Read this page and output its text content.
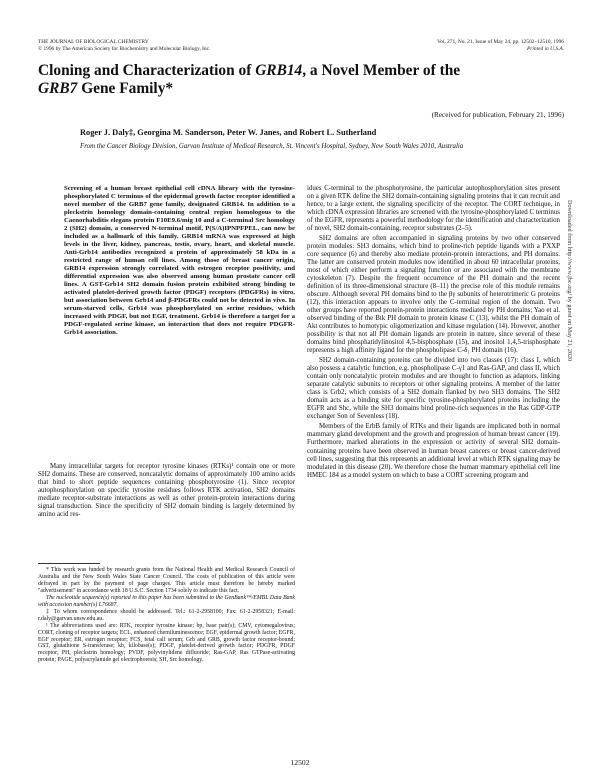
THE JOURNAL OF BIOLOGICAL CHEMISTRY
© 1996 by The American Society for Biochemistry and Molecular Biology, Inc.
Vol. 271, No. 21, Issue of May 24, pp. 12502–12510, 1996
Printed in U.S.A.
Cloning and Characterization of GRB14, a Novel Member of the
GRB7 Gene Family*
(Received for publication, February 21, 1996)
Roger J. Daly‡, Georgina M. Sanderson, Peter W. Janes, and Robert L. Sutherland
From the Cancer Biology Division, Garvan Institute of Medical Research, St. Vincent's Hospital, Sydney, New South Wales 2010, Australia
Screening of a human breast epithelial cell cDNA library with the tyrosine-phosphorylated C terminus of the epidermal growth factor receptor identified a novel member of the GRB7 gene family, designated GRB14. In addition to a pleckstrin homology domain-containing central region homologous to the Caenorhabditis elegans protein F10E9.6/mig 10 and a C-terminal Src homology 2 (SH2) domain, a conserved N-terminal motif, P(S/A)IPNPFPEL, can now be included as a hallmark of this family. GRB14 mRNA was expressed at high levels in the liver, kidney, pancreas, testis, ovary, heart, and skeletal muscle. Anti-Grb14 antibodies recognized a protein of approximately 58 kDa in a restricted range of human cell lines. Among those of breast cancer origin, GRB14 expression strongly correlated with estrogen receptor positivity, and differential expression was also observed among human prostate cancer cell lines. A GST-Grb14 SH2 domain fusion protein exhibited strong binding to activated platelet-derived growth factor (PDGF) receptors (PDGFRs) in vitro, but association between Grb14 and β-PDGFRs could not be detected in vivo. In serum-starved cells, Grb14 was phosphorylated on serine residues, which increased with PDGF, but not EGF, treatment. Grb14 is therefore a target for a PDGF-regulated serine kinase, an interaction that does not require PDGFR-Grb14 association.
Many intracellular targets for receptor tyrosine kinases (RTKs)¹ contain one or more SH2 domains. These are conserved, noncatalytic domains of approximately 100 amino acids that bind to short peptide sequences containing phosphotyrosine (1). Since receptor autophosphorylation on specific tyrosine residues follows RTK activation, SH2 domains mediate receptor-substrate interactions as well as other protein-protein interactions during signal transduction. Since the specificity of SH2 domain binding is largely determined by amino acid res-

* This work was funded by research grants from the National Health and Medical Research Council of Australia and the New South Wales State Cancer Council. The costs of publication of this article were defrayed in part by the payment of page charges. This article must therefore be hereby marked "advertisement" in accordance with 18 U.S.C. Section 1734 solely to indicate this fact.

The nucleotide sequence(s) reported in this paper has been submitted to the GenBank™/EMBL Data Bank with accession number(s) L76687.

‡ To whom correspondence should be addressed. Tel.: 61-2-2958100; Fax: 61-2-2958321; E-mail: r.daly@garvan.unsw.edu.au.

¹ The abbreviations used are: RTK, receptor tyrosine kinase; bp, base pair(s); CMV, cytomegalovirus; CORT, cloning of receptor targets; ECL, enhanced chemiluminescence; EGF, epidermal growth factor; EGFR, EGF receptor; ER, estrogen receptor; FCS, fetal calf serum; Grb and GRB, growth factor receptor-bound; GST, glutathione S-transferase; kb, kilobase(s); PDGF, platelet-derived growth factor; PDGFR, PDGF receptor; PH, pleckstrin homology; PVDF, polyvinylidene difluoride; Ras-GAP, Ras GTPase-activating protein; PAGE, polyacrylamide gel electrophoresis; SH, Src homology.

idues C-terminal to the phosphotyrosine, the particular autophosphorylation sites present on a given RTK define the SH2 domain-containing signaling proteins that it can recruit and hence, to a large extent, the signaling specificity of the receptor. The CORT technique, in which cDNA expression libraries are screened with the tyrosine-phosphorylated C terminus of the EGFR, represents a powerful methodology for the identification and characterization of novel, SH2 domain-containing, receptor substrates (2–5).

SH2 domains are often accompanied in signaling proteins by two other conserved protein modules: SH3 domains, which bind to proline-rich peptide ligands with a PXXP core sequence (6) and thereby also mediate protein-protein interactions, and PH domains. The latter are conserved protein modules now identified in about 60 intracellular proteins, most of which either perform a signaling function or are associated with the membrane cytoskeleton (7). Despite the frequent occurrence of the PH domain and the recent definition of its three-dimensional structure (8–11) the precise role of this module remains obscure. Although several PH domains bind to the βγ subunits of heterotrimeric G proteins (12), this interaction appears to involve only the C-terminal region of the domain. Two other groups have reported protein-protein interactions mediated by PH domains; Yao et al. observed binding of the Btk PH domain to protein kinase C (13), whilst the PH domain of Akt contributes to homotypic oligomerization and kinase regulation (14). However, another possibility is that not all PH domain ligands are protein in nature, since several of these domains bind phosphatidylinositol 4,5-bisphosphate (15), and inositol 1,4,5-trisphosphate represents a high affinity ligand for the phospholipase C-δ₁ PH domain (16).

SH2 domain-containing proteins can be divided into two classes (17): class I, which also possess a catalytic function, e.g. phospholipase C-γ1 and Ras-GAP, and class II, which contain only noncatalytic protein modules and are thought to function as adaptors, linking separate catalytic subunits to receptors or other signaling proteins. A member of the latter class is Grb2, which consists of a SH2 domain flanked by two SH3 domains. The SH2 domain acts as a binding site for specific tyrosine-phosphorylated proteins including the EGFR and Shc, while the SH3 domains bind proline-rich sequences in the Ras GDP-GTP exchanger Son of Sevenless (18).

Members of the ErbB family of RTKs and their ligands are implicated both in normal mammary gland development and the growth and progression of human breast cancer (19). Furthermore, marked alterations in the expression or activity of several SH2 domain-containing proteins have been observed in human breast cancers or breast cancer-derived cell lines, suggesting that this represents an additional level at which RTK signaling may be modulated in this disease (20). We therefore chose the human mammary epithelial cell line HMEC 184 as a model system on which to base a CORT screening program and

Downloaded from http://www.jbc.org/ by guest on May 21, 2020
12502
